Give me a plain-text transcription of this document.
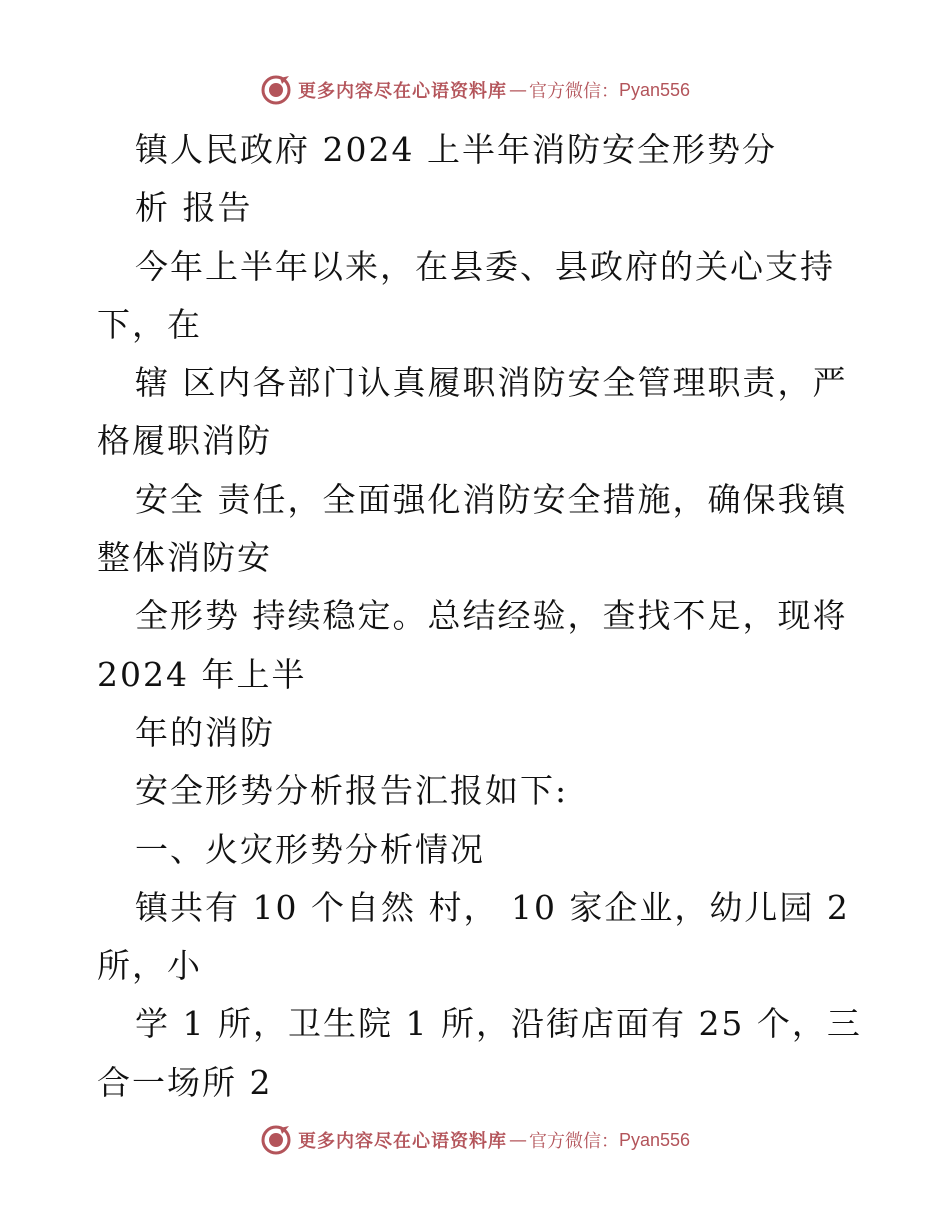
更多内容尽在心语资料库 — 官方微信： Pyan556
镇人民政府 2024 上半年消防安全形势分
析 报告
今年上半年以来，在县委、县政府的关心支持
下，在
辖 区内各部门认真履职消防安全管理职责，严
格履职消防
安全 责任，全面强化消防安全措施，确保我镇
整体消防安
全形势 持续稳定。总结经验，查找不足，现将
2024 年上半
年的消防
安全形势分析报告汇报如下:
一、火灾形势分析情况
镇共有 10 个自然 村， 10 家企业，幼儿园 2
所，小
学 1 所，卫生院 1 所，沿街店面有 25 个，三
合一场所 2
更多内容尽在心语资料库 — 官方微信： Pyan556
